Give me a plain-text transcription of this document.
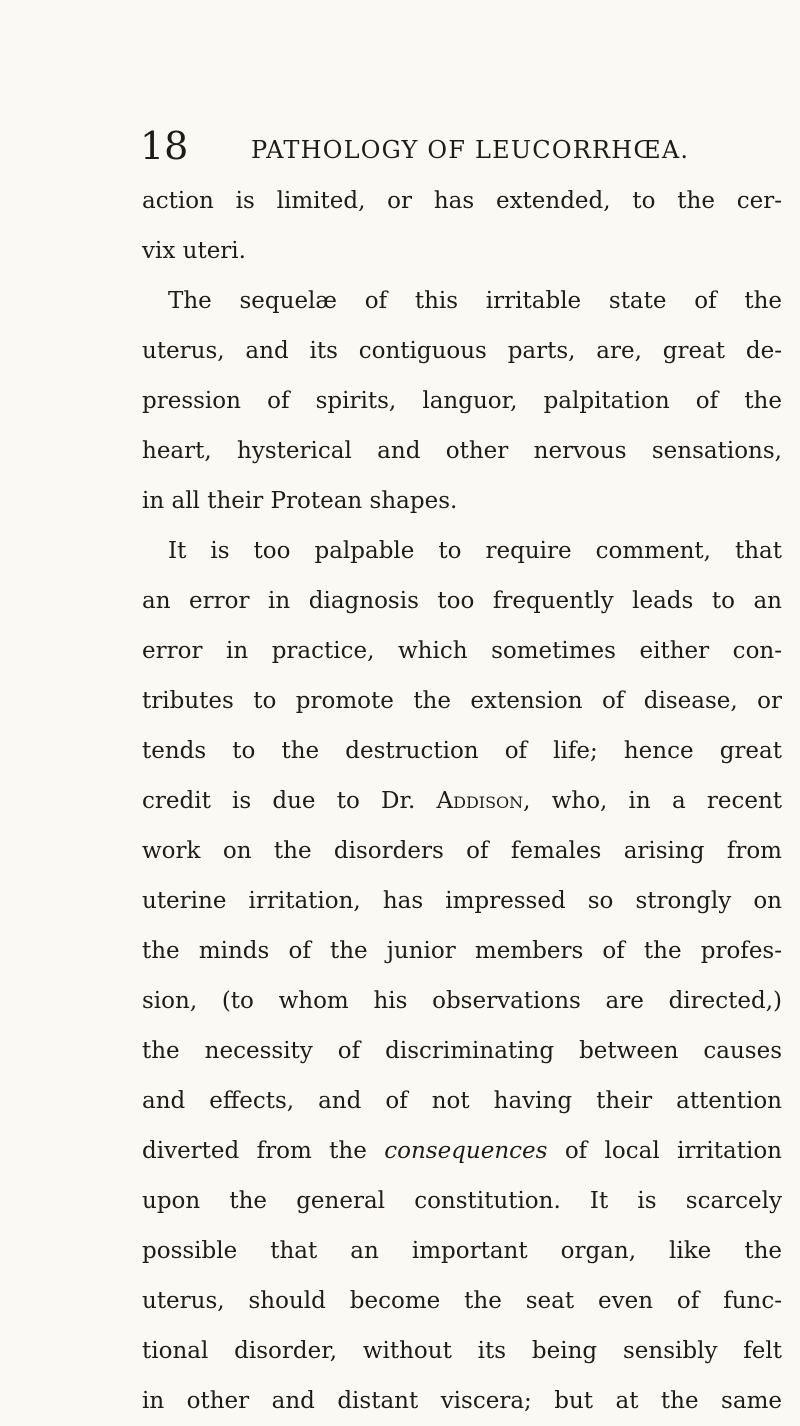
18	PATHOLOGY OF LEUCORRHŒA.
action is limited, or has extended, to the cer-
vix uteri.
The sequelæ of this irritable state of the
uterus, and its contiguous parts, are, great de-
pression of spirits, languor, palpitation of the
heart, hysterical and other nervous sensations,
in all their Protean shapes.
It is too palpable to require comment, that
an error in diagnosis too frequently leads to an
error in practice, which sometimes either con-
tributes to promote the extension of disease, or
tends to the destruction of life; hence great
credit is due to Dr. Addison, who, in a recent
work on the disorders of females arising from
uterine irritation, has impressed so strongly on
the minds of the junior members of the profes-
sion, (to whom his observations are directed,)
the necessity of discriminating between causes
and effects, and of not having their attention
diverted from the consequences of local irritation
upon the general constitution. It is scarcely
possible that an important organ, like the
uterus, should become the seat even of func-
tional disorder, without its being sensibly felt
in other and distant viscera; but at the same
